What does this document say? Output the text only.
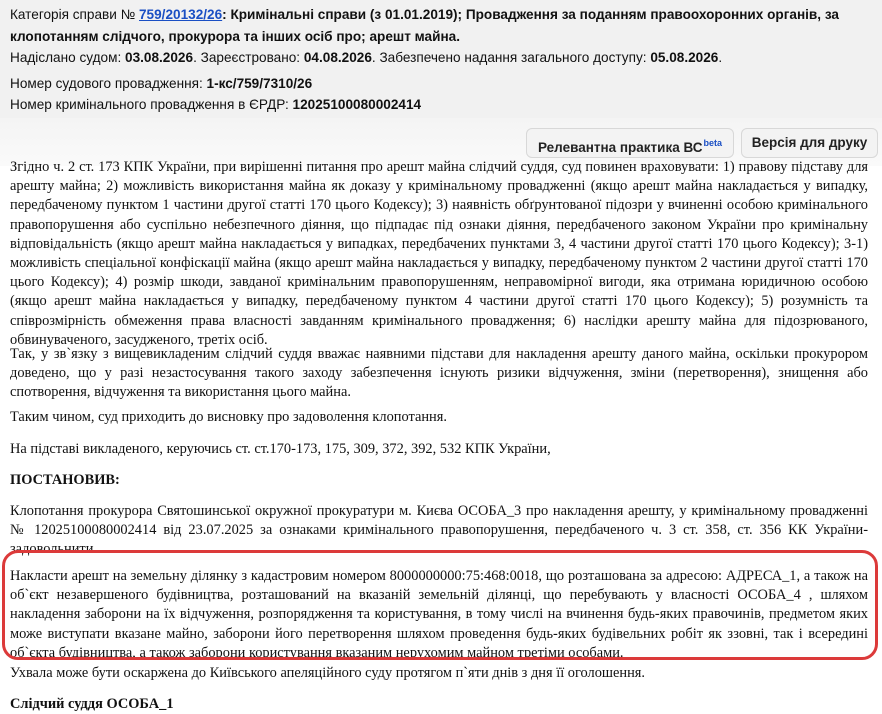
Категорія справи № 759/20132/26: Кримінальні справи (з 01.01.2019); Провадження за поданням правоохоронних органів, за
клопотанням слідчого, прокурора та інших осіб про; арешт майна.
Надіслано судом: 03.08.2026. Зареєстровано: 04.08.2026. Забезпечено надання загального доступу: 05.08.2026.
Номер судового провадження: 1-кс/759/7310/26
Номер кримінального провадження в ЄРДР: 12025100080002414
Релевантна практика $ВС^{beta}$	Версія для друку

Згідно ч. 2 ст. 173 КПК України, при вирішенні питання про арешт майна слідчий суддя, суд повинен враховувати: 1) правову підставу для арешту майна; 2) можливість використання майна як доказу у кримінальному провадженні (якщо арешт майна накладається у випадку, передбаченому пунктом 1 частини другої статті 170 цього Кодексу); 3) наявність обґрунтованої підозри у вчиненні особою кримінального правопорушення або суспільно небезпечного діяння, що підпадає під ознаки діяння, передбаченого законом України про кримінальну відповідальність (якщо арешт майна накладається у випадках, передбачених пунктами 3, 4 частини другої статті 170 цього Кодексу); 3-1) можливість спеціальної конфіскації майна (якщо арешт майна накладається у випадку, передбаченому пунктом 2 частини другої статті 170 цього Кодексу); 4) розмір шкоди, завданої кримінальним правопорушенням, неправомірної вигоди, яка отримана юридичною особою (якщо арешт майна накладається у випадку, передбаченому пунктом 4 частини другої статті 170 цього Кодексу); 5) розумність та співрозмірність обмеження права власності завданням кримінального провадження; 6) наслідки арешту майна для підозрюваного, обвинуваченого, засудженого, третіх осіб.

Так, у зв`язку з вищевикладеним слідчий суддя вважає наявними підстави для накладення арешту даного майна, оскільки прокурором доведено, що у разі незастосування такого заходу забезпечення існують ризики відчуження, зміни (перетворення), знищення або спотворення, відчуження та використання цього майна.

Таким чином, суд приходить до висновку про задоволення клопотання.

На підставі викладеного, керуючись ст. ст.170-173, 175, 309, 372, 392, 532 КПК України,

ПОСТАНОВИВ:

Клопотання прокурора Святошинської окружної прокуратури м. Києва ОСОБА_3 про накладення арешту, у кримінальному провадженні № 12025100080002414 від 23.07.2025 за ознаками кримінального правопорушення, передбаченого ч. 3 ст. 358, ст. 356 КК України- задовольнити

Накласти арешт на земельну ділянку з кадастровим номером 8000000000:75:468:0018, що розташована за адресою: АДРЕСА_1, а також на об`єкт незавершеного будівництва, розташований на вказаній земельній ділянці, що перебувають у власності ОСОБА_4 , шляхом накладення заборони на їх відчуження, розпорядження та користування, в тому числі на вчинення будь-яких правочинів, предметом яких може виступати вказане майно, заборони його перетворення шляхом проведення будь-яких будівельних робіт як ззовні, так і всередині об`єкта будівництва, а також заборони користування вказаним нерухомим майном третіми особами.

Ухвала може бути оскаржена до Київського апеляційного суду протягом п`яти днів з дня її оголошення.

Слідчий суддя ОСОБА_1
